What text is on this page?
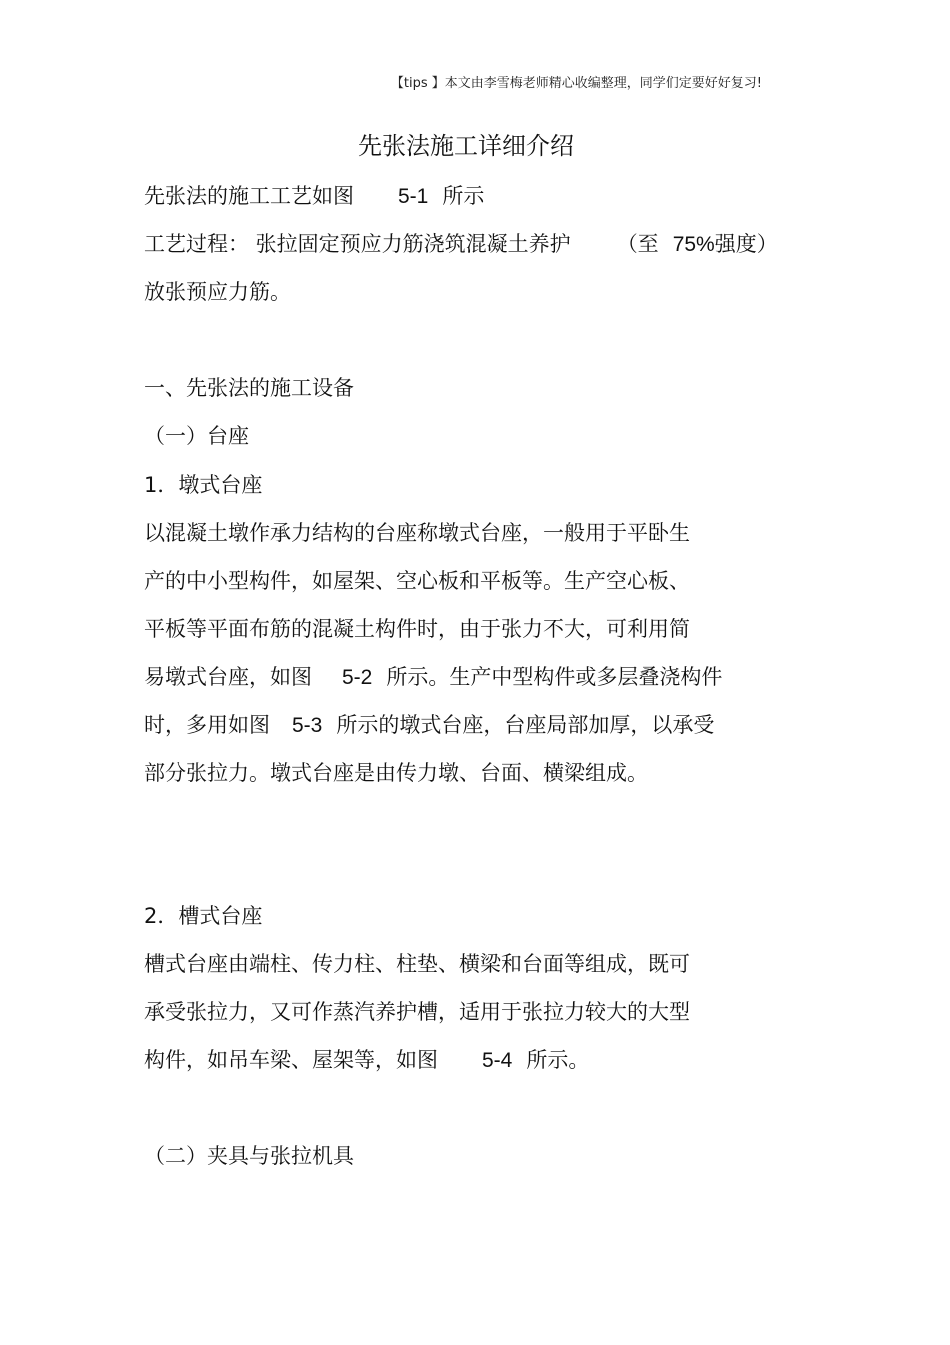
【tips 】本文由李雪梅老师精心收编整理，同学们定要好好复习!
先张法施工详细介绍
先张法的施工工艺如图 5-1 所示
工艺过程： 张拉固定预应力筋浇筑混凝土养护 （至 75%强度）
放张预应力筋。
一、先张法的施工设备
（一）台座
1．墩式台座
以混凝土墩作承力结构的台座称墩式台座，一般用于平卧生
产的中小型构件，如屋架、空心板和平板等。生产空心板、
平板等平面布筋的混凝土构件时，由于张力不大，可利用简
易墩式台座，如图 5-2 所示。生产中型构件或多层叠浇构件
时，多用如图 5-3 所示的墩式台座，台座局部加厚，以承受
部分张拉力。墩式台座是由传力墩、台面、横梁组成。
2．槽式台座
槽式台座由端柱、传力柱、柱垫、横梁和台面等组成，既可
承受张拉力，又可作蒸汽养护槽，适用于张拉力较大的大型
构件，如吊车梁、屋架等，如图 5-4 所示。
（二）夹具与张拉机具
